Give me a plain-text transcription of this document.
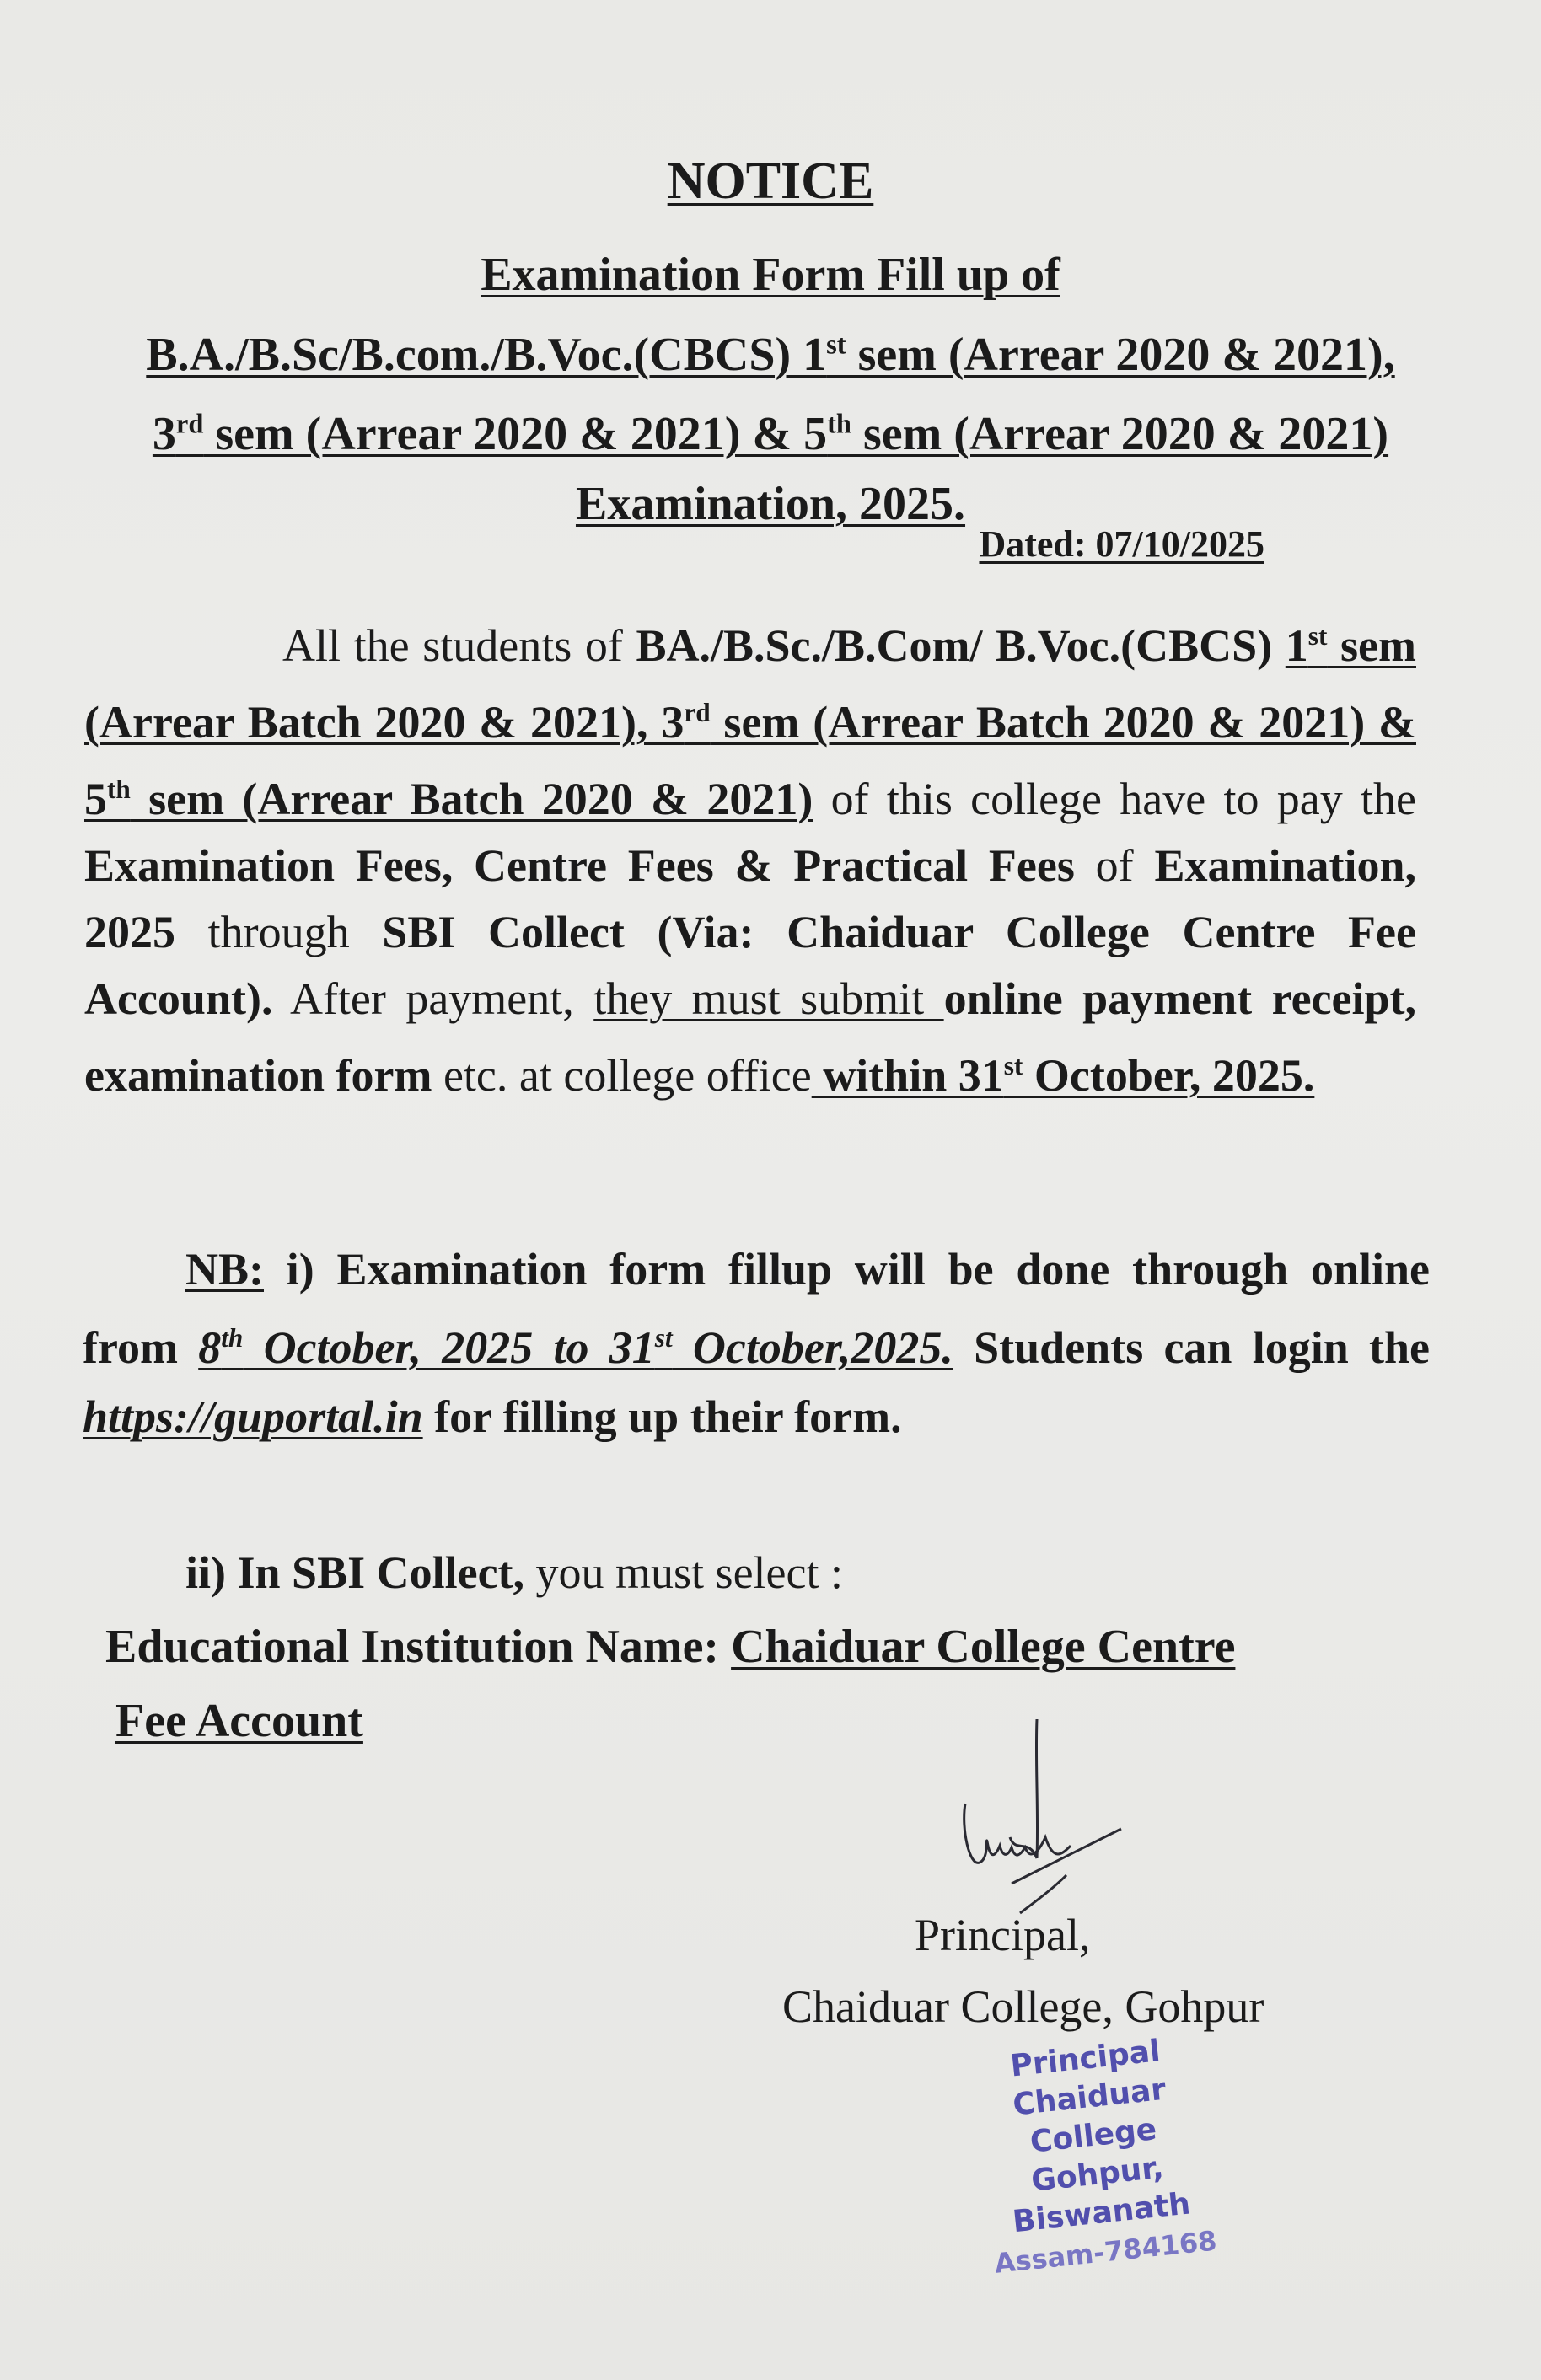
NOTICE
Examination Form Fill up of
B.A./B.Sc/B.com./B.Voc.(CBCS) 1st sem (Arrear 2020 & 2021), 3rd sem (Arrear 2020 & 2021) & 5th sem (Arrear 2020 & 2021) Examination, 2025.
Dated: 07/10/2025
All the students of BA./B.Sc./B.Com/ B.Voc.(CBCS) 1st sem (Arrear Batch 2020 & 2021), 3rd sem (Arrear Batch 2020 & 2021) & 5th sem (Arrear Batch 2020 & 2021) of this college have to pay the Examination Fees, Centre Fees & Practical Fees of Examination, 2025 through SBI Collect (Via: Chaiduar College Centre Fee Account). After payment, they must submit online payment receipt, examination form etc. at college office within 31st October, 2025.
NB: i) Examination form fillup will be done through online from 8th October, 2025 to 31st October,2025. Students can login the https://guportal.in for filling up their form.
ii) In SBI Collect, you must select :
Educational Institution Name: Chaiduar College Centre
Fee Account
Principal,
Chaiduar College, Gohpur
Principal
Chaiduar College
Gohpur, Biswanath
Assam-784168
